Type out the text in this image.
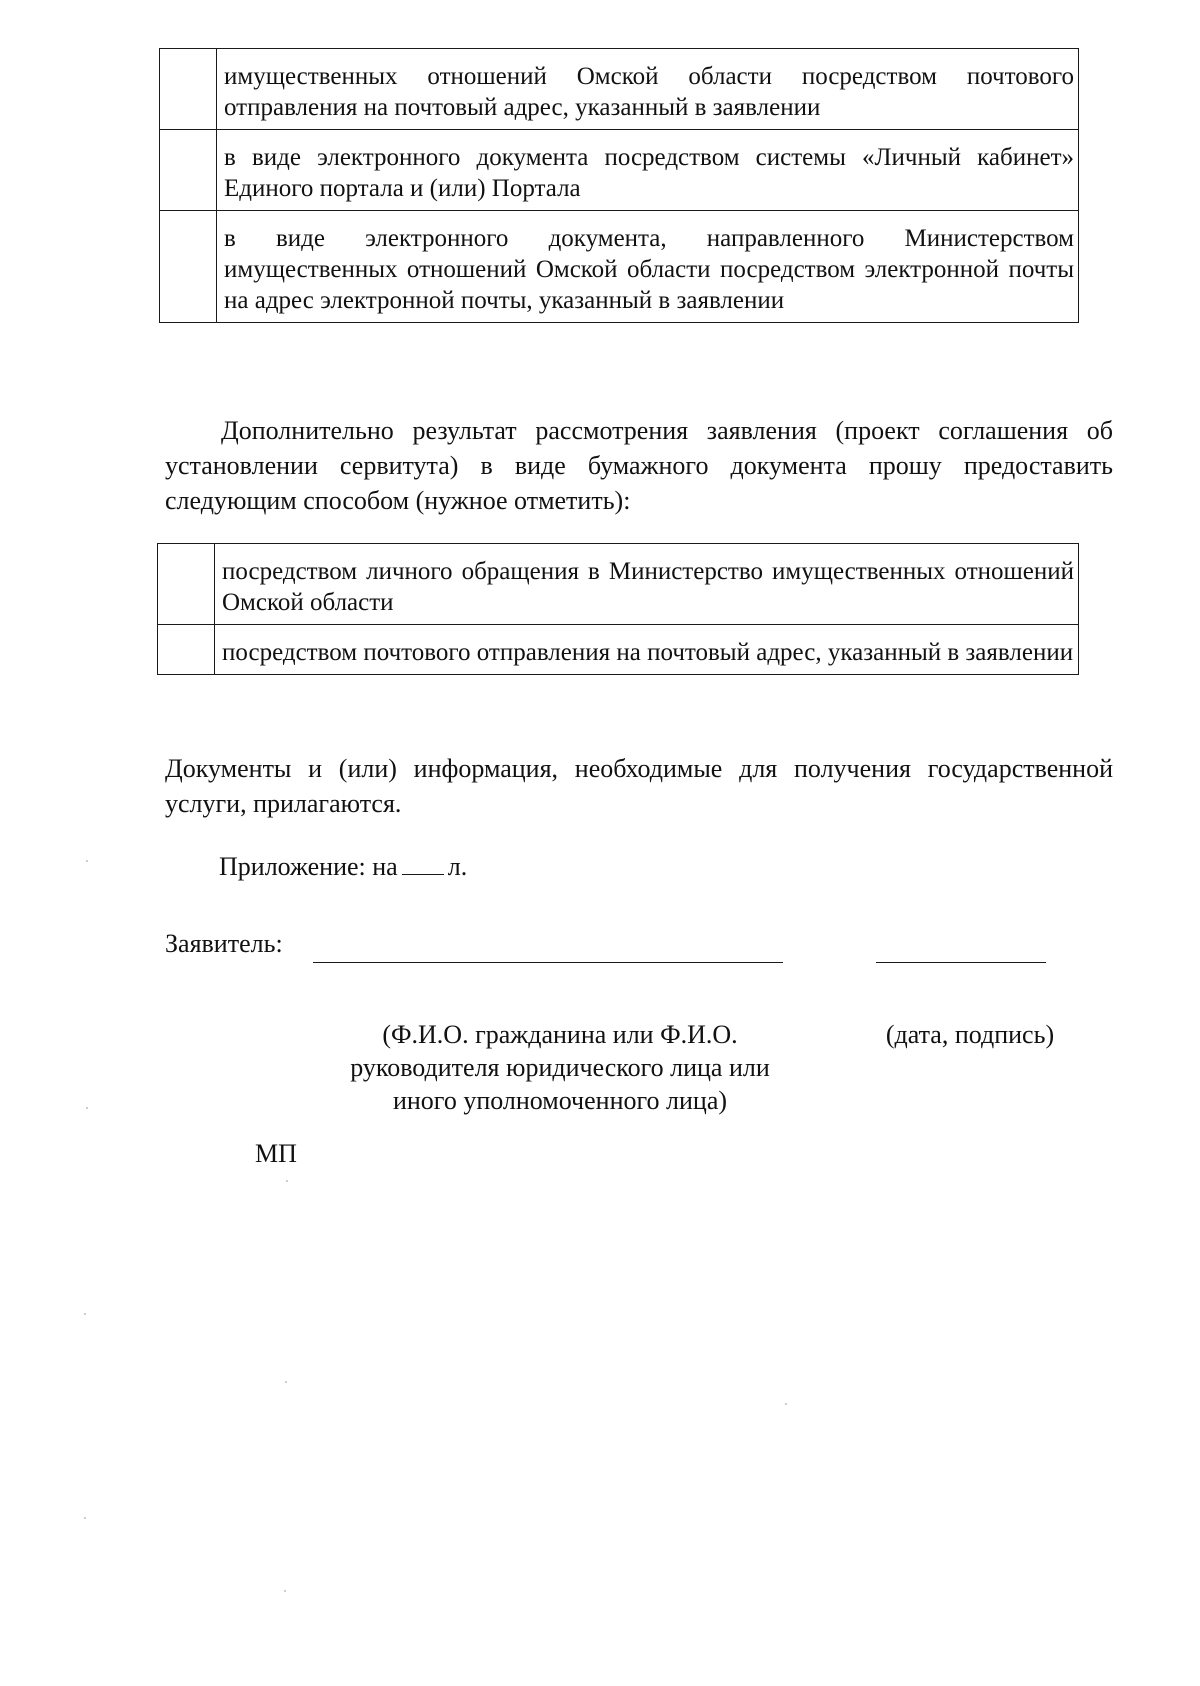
	имущественных отношений Омской области посредством почтового отправления на почтовый адрес, указанный в заявлении
	в виде электронного документа посредством системы «Личный кабинет» Единого портала и (или) Портала
	в виде электронного документа, направленного Министерством имущественных отношений Омской области посредством электронной почты на адрес электронной почты, указанный в заявлении

Дополнительно результат рассмотрения заявления (проект соглашения об установлении сервитута) в виде бумажного документа прошу предоставить следующим способом (нужное отметить):

	посредством личного обращения в Министерство имущественных отношений Омской области
	посредством почтового отправления на почтовый адрес, указанный в заявлении

Документы и (или) информация, необходимые для получения государственной услуги, прилагаются.

Приложение: на л.
Заявитель:

(Ф.И.О. гражданина или Ф.И.О. руководителя юридического лица или иного уполномоченного лица)

(дата, подпись)

МП
